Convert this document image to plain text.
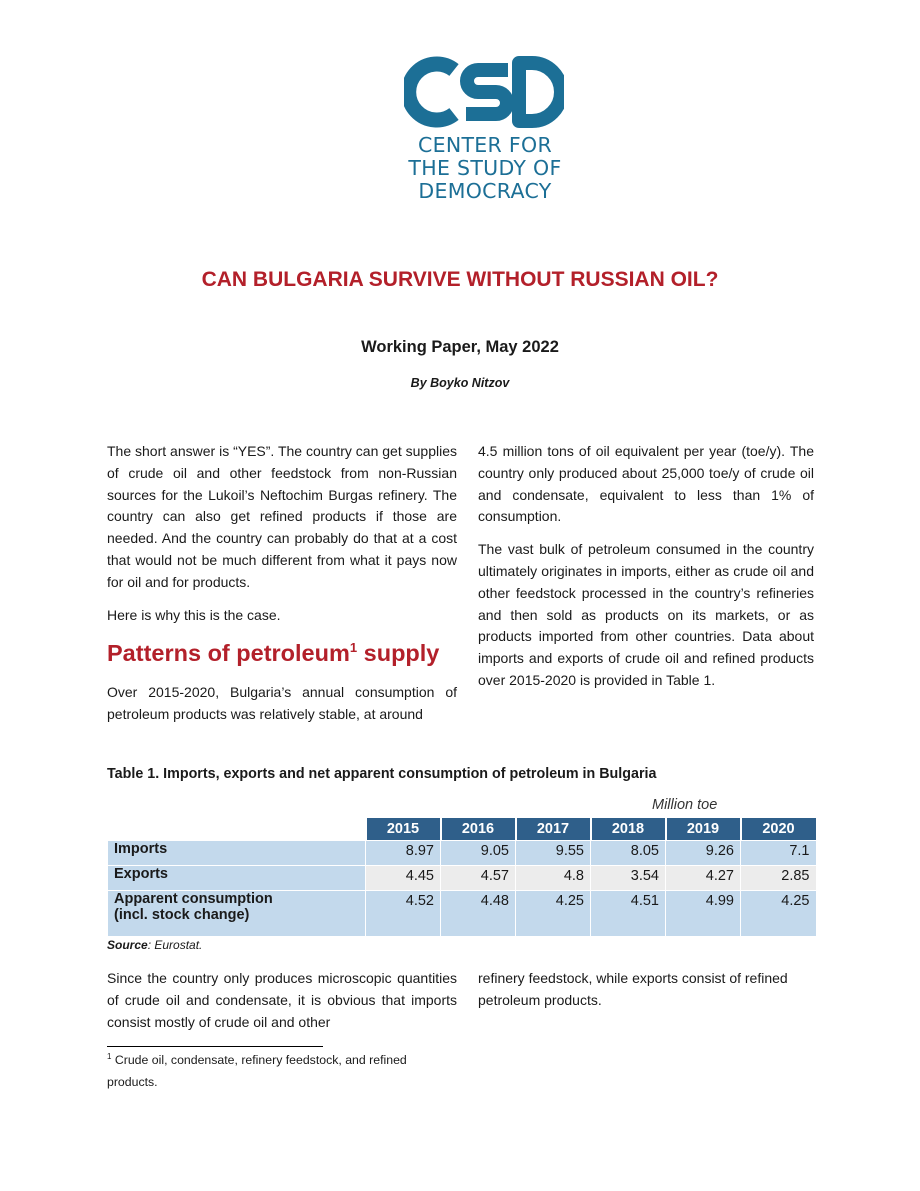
CENTER FOR
THE STUDY OF
DEMOCRACY
CAN BULGARIA SURVIVE WITHOUT RUSSIAN OIL?
Working Paper, May 2022

By Boyko Nitzov

The short answer is “YES”. The country can get supplies of crude oil and other feedstock from non-Russian sources for the Lukoil’s Neftochim Burgas refinery. The country can also get refined products if those are needed. And the country can probably do that at a cost that would not be much different from what it pays now for oil and for products.

Here is why this is the case.

Patterns of petroleum$^1$ supply

Over 2015-2020, Bulgaria’s annual consumption of petroleum products was relatively stable, at around

4.5 million tons of oil equivalent per year (toe/y). The country only produced about 25,000 toe/y of crude oil and condensate, equivalent to less than 1% of consumption.

The vast bulk of petroleum consumed in the country ultimately originates in imports, either as crude oil and other feedstock processed in the country’s refineries and then sold as products on its markets, or as products imported from other countries. Data about imports and exports of crude oil and refined products over 2015-2020 is provided in Table 1.

Table 1. Imports, exports and net apparent consumption of petroleum in Bulgaria

Million toe
	2015	2016	2017	2018	2019	2020
Imports	8.97	9.05	9.55	8.05	9.26	7.1
Exports	4.45	4.57	4.8	3.54	4.27	2.85

Apparent consumption
(incl. stock change)	4.52	4.48	4.25	4.51	4.99	4.25

Source: Eurostat.

Since the country only produces microscopic quantities of crude oil and condensate, it is obvious that imports consist mostly of crude oil and other

refinery feedstock, while exports consist of refined petroleum products.

$^1$ Crude oil, condensate, refinery feedstock, and refined products.
